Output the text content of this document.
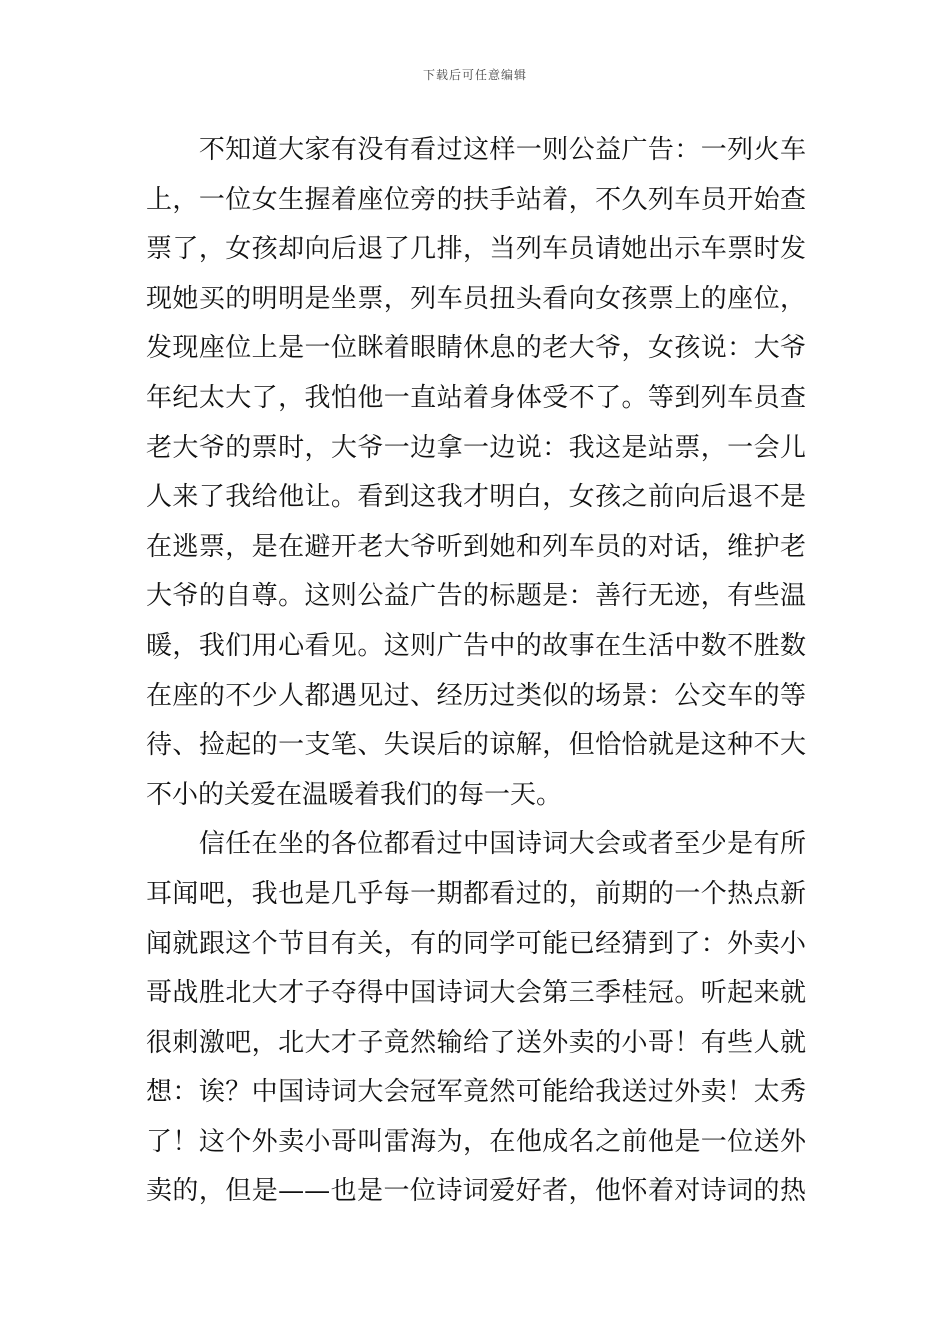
下载后可任意编辑
　　不知道大家有没有看过这样一则公益广告：一列火车
上，一位女生握着座位旁的扶手站着，不久列车员开始查
票了，女孩却向后退了几排，当列车员请她出示车票时发
现她买的明明是坐票，列车员扭头看向女孩票上的座位，
发现座位上是一位眯着眼睛休息的老大爷，女孩说：大爷
年纪太大了，我怕他一直站着身体受不了。等到列车员查
老大爷的票时，大爷一边拿一边说：我这是站票，一会儿
人来了我给他让。看到这我才明白，女孩之前向后退不是
在逃票，是在避开老大爷听到她和列车员的对话，维护老
大爷的自尊。这则公益广告的标题是：善行无迹，有些温
暖，我们用心看见。这则广告中的故事在生活中数不胜数
在座的不少人都遇见过、经历过类似的场景：公交车的等
待、捡起的一支笔、失误后的谅解，但恰恰就是这种不大
不小的关爱在温暖着我们的每一天。
　　信任在坐的各位都看过中国诗词大会或者至少是有所
耳闻吧，我也是几乎每一期都看过的，前期的一个热点新
闻就跟这个节目有关，有的同学可能已经猜到了：外卖小
哥战胜北大才子夺得中国诗词大会第三季桂冠。听起来就
很刺激吧，北大才子竟然输给了送外卖的小哥！有些人就
想：诶？中国诗词大会冠军竟然可能给我送过外卖！太秀
了！这个外卖小哥叫雷海为，在他成名之前他是一位送外
卖的，但是——也是一位诗词爱好者，他怀着对诗词的热
